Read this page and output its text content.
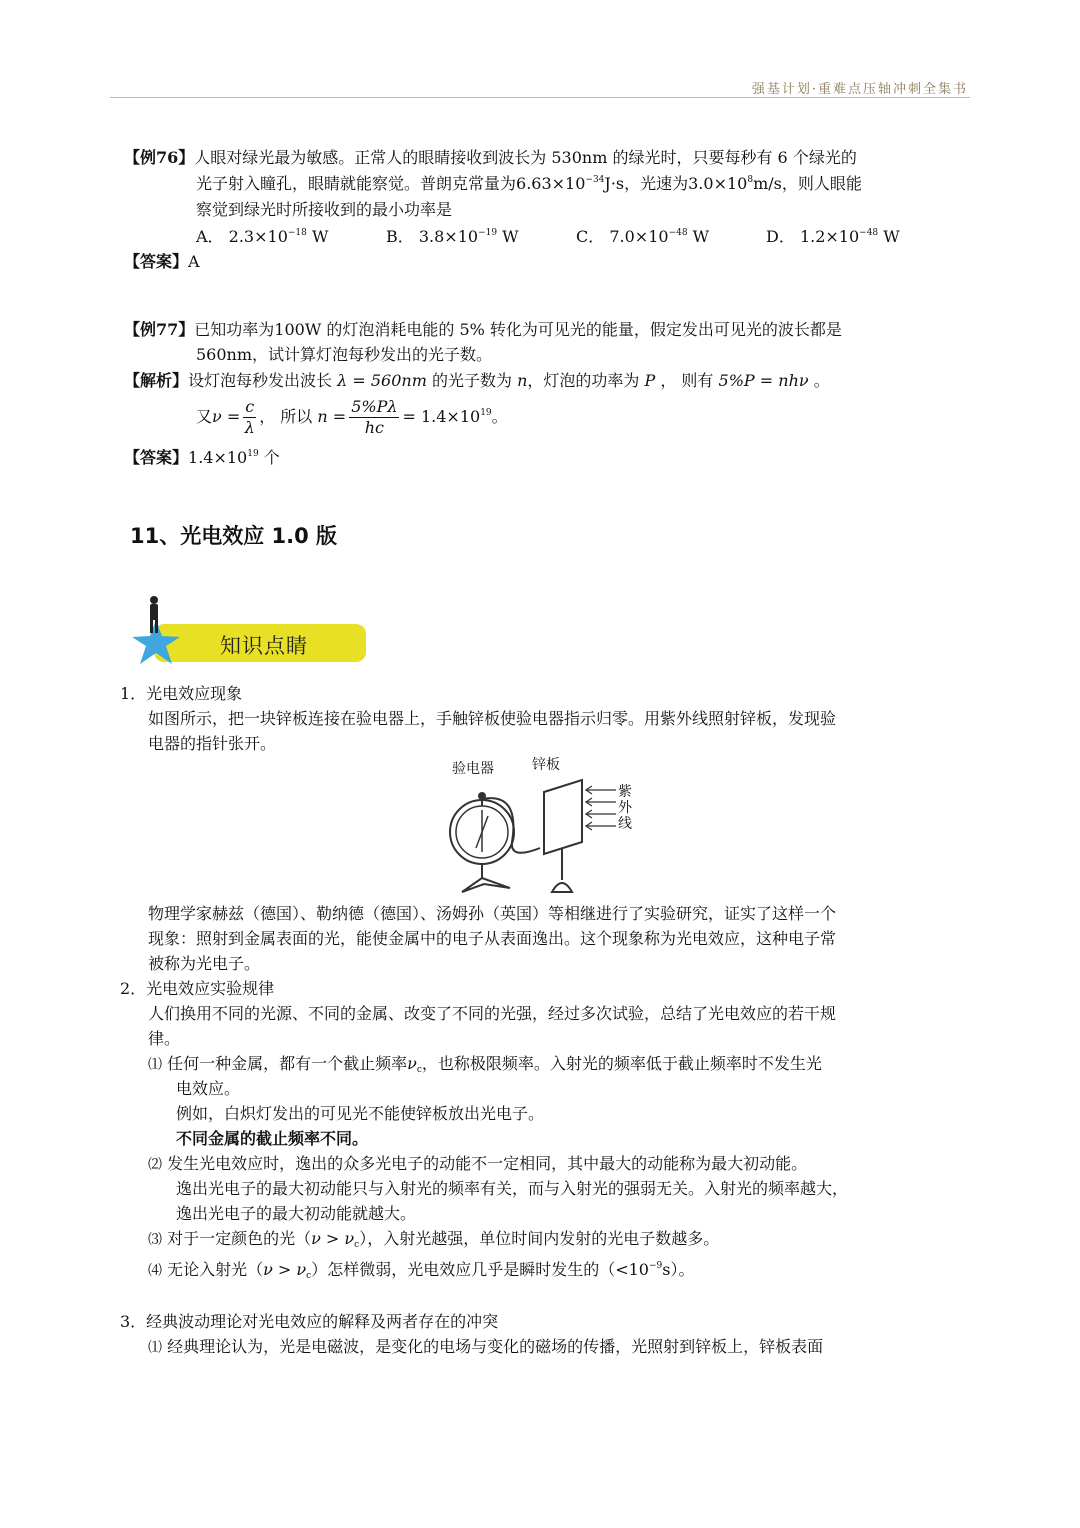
强基计划·重难点压轴冲刺全集书
【例76】人眼对绿光最为敏感。正常人的眼睛接收到波长为 530nm 的绿光时，只要每秒有 6 个绿光的
光子射入瞳孔，眼睛就能察觉。普朗克常量为$6.63\times 10^{-34}J\cdot s$，光速为$3.0\times 10^8m/s$，则人眼能
察觉到绿光时所接收到的最小功率是
A． $2.3\times 10^{-18}$ W	B． $3.8\times 10^{-19}$ W	C． $7.0\times 10^{-48}$ W	D． $1.2\times 10^{-48}$ W
【答案】A
【例77】已知功率为100W 的灯泡消耗电能的 5% 转化为可见光的能量，假定发出可见光的波长都是
560nm，试计算灯泡每秒发出的光子数。
【解析】设灯泡每秒发出波长 λ = 560nm 的光子数为 n，灯泡的功率为 P ， 则有 5%P = nhν 。
又$\nu = \frac{c}{\lambda}$ ， 所以 $n = \frac{5\%P\lambda}{hc} = 1.4\times 10^{19}$。
【答案】$1.4\times 10^{19}$ 个
11、光电效应 1.0 版
知识点睛
1．光电效应现象
如图所示，把一块锌板连接在验电器上，手触锌板使验电器指示归零。用紫外线照射锌板，发现验
电器的指针张开。
验电器	锌板
紫
外
线
物理学家赫兹（德国）、勒纳德（德国）、汤姆孙（英国）等相继进行了实验研究，证实了这样一个
现象：照射到金属表面的光，能使金属中的电子从表面逸出。这个现象称为光电效应，这种电子常
被称为光电子。
2．光电效应实验规律
人们换用不同的光源、不同的金属、改变了不同的光强，经过多次试验，总结了光电效应的若干规
律。
⑴ 任何一种金属，都有一个截止频率$\nu_c$，也称极限频率。入射光的频率低于截止频率时不发生光
电效应。
例如，白炽灯发出的可见光不能使锌板放出光电子。
不同金属的截止频率不同。
⑵ 发生光电效应时，逸出的众多光电子的动能不一定相同，其中最大的动能称为最大初动能。
逸出光电子的最大初动能只与入射光的频率有关，而与入射光的强弱无关。入射光的频率越大，
逸出光电子的最大初动能就越大。
⑶ 对于一定颜色的光$(\nu > \nu_c)$，入射光越强，单位时间内发射的光电子数越多。
⑷ 无论入射光$(\nu > \nu_c)$怎样微弱，光电效应几乎是瞬时发生的$(<10^{-9}s)$。
3．经典波动理论对光电效应的解释及两者存在的冲突
⑴ 经典理论认为，光是电磁波，是变化的电场与变化的磁场的传播，光照射到锌板上，锌板表面
